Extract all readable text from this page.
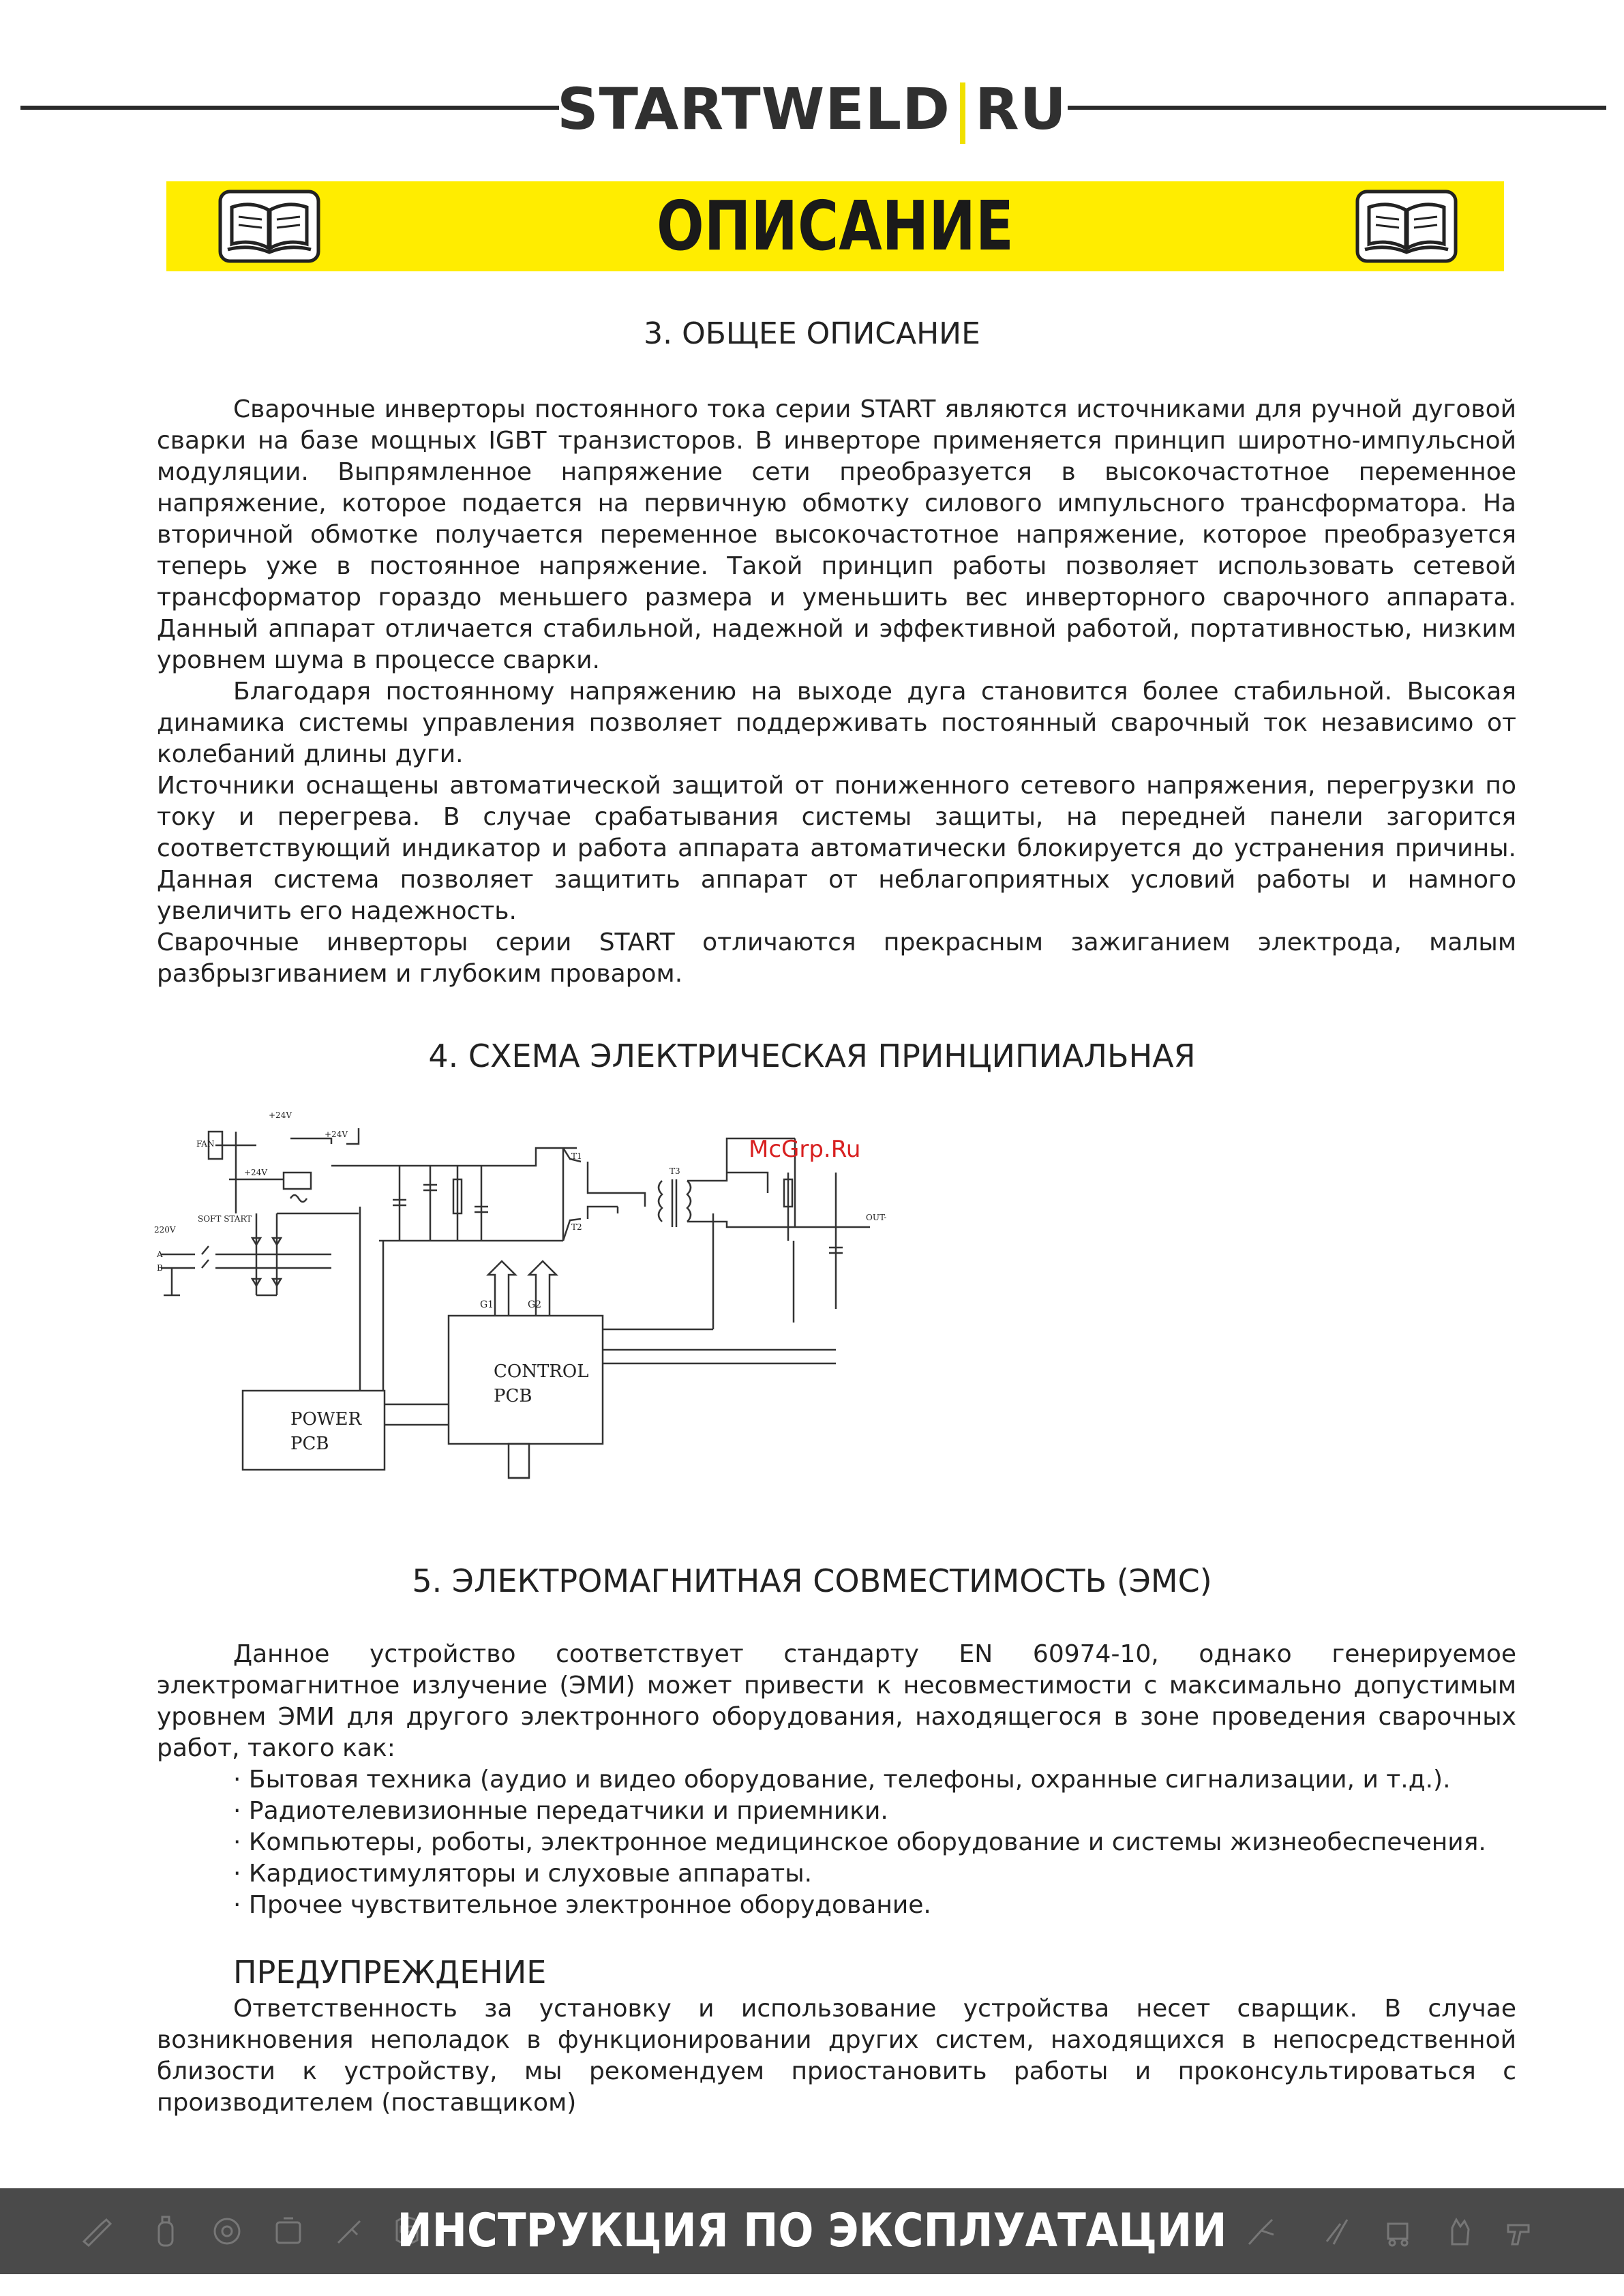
STARTWELD RU
ОПИСАНИЕ
3. ОБЩЕЕ ОПИСАНИЕ

Сварочные инверторы постоянного тока серии START являются источниками для ручной дуговой сварки на базе мощных IGBT транзисторов. В инверторе применяется принцип широтно-импульсной модуляции. Выпрямленное напряжение сети преобразуется в высокочастотное переменное напряжение, которое подается на первичную обмотку силового импульсного трансформатора. На вторичной обмотке получается переменное высокочастотное напряжение, которое преобразуется теперь уже в постоянное напряжение. Такой принцип работы позволяет использовать сетевой трансформатор гораздо меньшего размера и уменьшить вес инверторного сварочного аппарата. Данный аппарат отличается стабильной, надежной и эффективной работой, портативностью, низким уровнем шума в процессе сварки.

Благодаря постоянному напряжению на выходе дуга становится более стабильной. Высокая динамика системы управления позволяет поддерживать постоянный сварочный ток независимо от колебаний длины дуги.

Источники оснащены автоматической защитой от пониженного сетевого напряжения, перегрузки по току и перегрева. В случае срабатывания системы защиты, на передней панели загорится соответствующий индикатор и работа аппарата автоматически блокируется до устранения причины. Данная система позволяет защитить аппарат от неблагоприятных условий работы и намного увеличить его надежность.

Сварочные инверторы серии START отличаются прекрасным зажиганием электрода, малым разбрызгиванием и глубоким проваром.

4. СХЕМА ЭЛЕКТРИЧЕСКАЯ ПРИНЦИПИАЛЬНАЯ
G1	G2
CONTROL
PCB
POWER
PCB
220V
A
B
FAN
SOFT START
+24V
+24V
+24V
T1
T2
T3
OUT-
McGrp.Ru
5. ЭЛЕКТРОМАГНИТНАЯ СОВМЕСТИМОСТЬ (ЭМС)

Данное устройство соответствует стандарту EN 60974-10, однако генерируемое электромагнитное излучение (ЭМИ) может привести к несовместимости с максимально допустимым уровнем ЭМИ для другого электронного оборудования, находящегося в зоне проведения сварочных работ, такого как:

· Бытовая техника (аудио и видео оборудование, телефоны, охранные сигнализации, и т.д.).

· Радиотелевизионные передатчики и приемники.

· Компьютеры, роботы, электронное медицинское оборудование и системы жизнеобеспечения.

· Кардиостимуляторы и слуховые аппараты.

· Прочее чувствительное электронное оборудование.

ПРЕДУПРЕЖДЕНИЕ

Ответственность за установку и использование устройства несет сварщик. В случае возникновения неполадок в функционировании других систем, находящихся в непосредственной близости к устройству, мы рекомендуем приостановить работы и проконсультироваться с производителем (поставщиком)

ИНСТРУКЦИЯ ПО ЭКСПЛУАТАЦИИ
